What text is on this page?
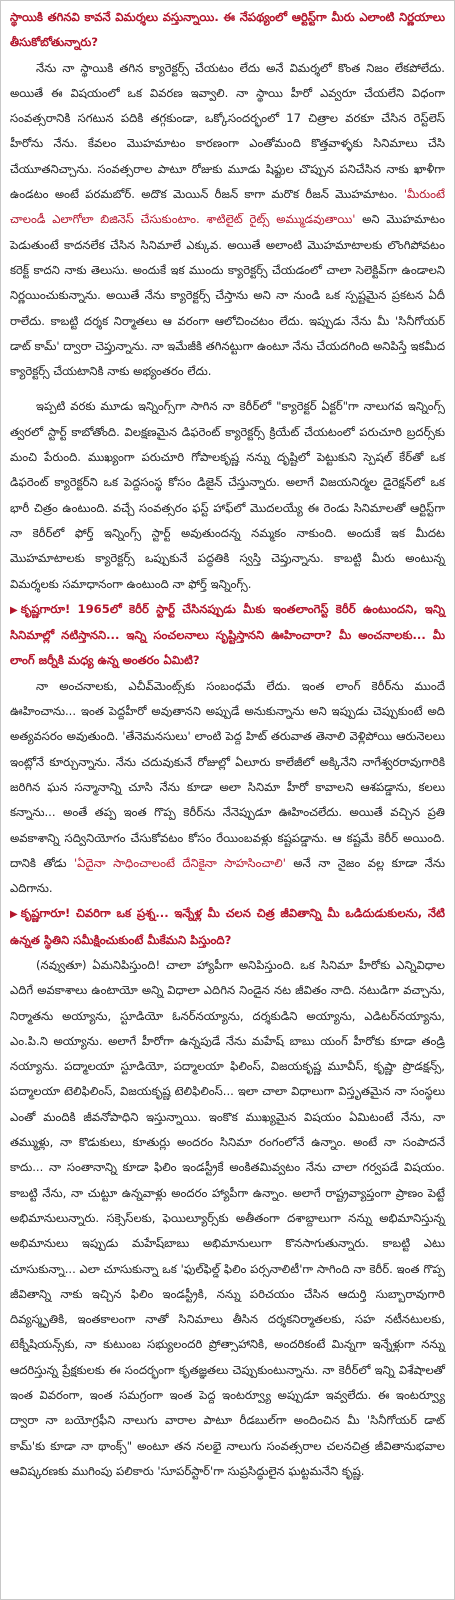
స్థాయికి తగినవి కావనే విమర్శలు వస్తున్నాయి. ఈ నేపథ్యంలో ఆర్టిస్ట్‌గా మీరు ఎలాంటి నిర్ణయాలు తీసుకోబోతున్నారు?

నేను నా స్థాయికి తగిన క్యారెక్టర్స్ చేయటం లేదు అనే విమర్శలో కొంత నిజం లేకపోలేదు. అయితే ఈ విషయంలో ఒక వివరణ ఇవ్వాలి. నా స్థాయి హీరో ఎవ్వరూ చేయలేని విధంగా సంవత్సరానికి సగటున పదికి తగ్గకుండా, ఒక్కోసందర్భంలో 17 చిత్రాల వరకూ చేసిన రెస్ట్‌లెస్ హీరోను నేను. కేవలం మొహమాటం కారణంగా ఎంతోమంది కొత్తవాళ్ళకు సినిమాలు చేసి చేయూతనిచ్చాను. సంవత్సరాల పాటూ రోజుకు మూడు షిఫ్టుల చొప్పున పనిచేసిన నాకు ఖాళీగా ఉండటం అంటే పరమబోర్. అదొక మెయిన్ రీజన్ కాగా మరొక రీజన్ మొహమాటం. 'మీరుంటే చాలండీ ఎలాగోలా బిజినెస్ చేసుకుంటాం. శాటిలైట్ రైట్స్ అమ్ముడవుతాయి' అని మొహమాటం పెడుతుంటే కాదనలేక చేసిన సినిమాలే ఎక్కువ. అయితే అలాంటి మొహమాటాలకు లొంగిపోవటం కరెక్ట్ కాదని నాకు తెలుసు. అందుకే ఇక ముందు క్యారెక్టర్స్ చేయడంలో చాలా సెలెక్టివ్‌గా ఉండాలని నిర్ణయించుకున్నాను. అయితే నేను క్యారెక్టర్స్ చేస్తాను అని నా నుండి ఒక స్పష్టమైన ప్రకటన ఏదీ రాలేదు. కాబట్టి దర్శక నిర్మాతలు ఆ వరంగా ఆలోచించటం లేదు. ఇప్పుడు నేను మీ 'సినీగోయర్ డాట్ కామ్' ద్వారా చెప్తున్నాను. నా ఇమేజీకి తగినట్టుగా ఉంటూ నేను చేయదగింది అనిపిస్తే ఇకమీద క్యారెక్టర్స్ చేయటానికి నాకు అభ్యంతరం లేదు.

ఇప్పటి వరకు మూడు ఇన్నింగ్స్‌గా సాగిన నా కెరీర్‌లో "క్యారెక్టర్ ఏక్టర్"గా నాలుగవ ఇన్నింగ్స్ త్వరలో స్టార్ట్ కాబోతోంది. విలక్షణమైన డిఫరెంట్ క్యారెక్టర్స్ క్రియేట్ చేయటంలో పరుచూరి బ్రదర్స్‌కు మంచి పేరుంది. ముఖ్యంగా పరుచూరి గోపాలకృష్ణ నన్ను దృష్టిలో పెట్టుకుని స్పెషల్ కేర్‌తో ఒక డిఫరెంట్ క్యారెక్టర్‌ని ఒక పెద్దసంస్థ కోసం డిజైన్ చేస్తున్నారు. అలాగే విజయనిర్మల డైరెక్షన్‌లో ఒక భారీ చిత్రం ఉంటుంది. వచ్చే సంవత్సరం ఫస్ట్ హాఫ్‌లో మొదలయ్యే ఈ రెండు సినిమాలతో ఆర్టిస్ట్‌గా నా కెరీర్‌లో ఫోర్త్ ఇన్నింగ్స్ స్టార్ట్ అవుతుందన్న నమ్మకం నాకుంది. అందుకే ఇక మీదట మొహమాటాలకు క్యారెక్టర్స్ ఒప్పుకునే పద్ధతికి స్వస్తి చెప్తున్నాను. కాబట్టి మీరు అంటున్న విమర్శలకు సమాధానంగా ఉంటుంది నా ఫోర్త్ ఇన్నింగ్స్.

▶ కృష్ణగారూ! 1965లో కెరీర్ స్టార్ట్ చేసినప్పుడు మీకు ఇంతలాంగెస్ట్ కెరీర్ ఉంటుందని, ఇన్ని సినిమాల్లో నటిస్తానని... ఇన్ని సంచలనాలు సృష్టిస్తానని ఊహించారా? మీ అంచనాలకు... మీ లాంగ్ జర్నీకి మధ్య ఉన్న అంతరం ఏమిటి?

నా అంచనాలకు, ఎచీవ్‌మెంట్స్‌కు సంబంధమే లేదు. ఇంత లాంగ్ కెరీర్‌ను ముందే ఊహించాను... ఇంత పెద్దహీరో అవుతానని అప్పుడే అనుకున్నాను అని ఇప్పుడు చెప్పుకుంటే అది అత్యవసరం అవుతుంది. 'తేనెమనసులు' లాంటి పెద్ద హిట్ తరువాత తెనాలి వెళ్లిపోయి ఆరునెలలు ఇంట్లోనే కూర్చున్నాను. నేను చదువుకునే రోజుల్లో ఏలూరు కాలేజీలో అక్కినేని నాగేశ్వరరావుగారికి జరిగిన ఘన సన్మానాన్ని చూసి నేను కూడా అలా సినిమా హీరో కావాలని ఆశపడ్డాను, కలలు కన్నాను... అంతే తప్ప ఇంత గొప్ప కెరీర్‌ను నేనెప్పుడూ ఊహించలేదు. అయితే వచ్చిన ప్రతి అవకాశాన్ని సద్వినియోగం చేసుకోవటం కోసం రేయింబవళ్లు కష్టపడ్డాను. ఆ కష్టమే కెరీర్ అయింది. దానికి తోడు 'ఏదైనా సాధించాలంటే దేనికైనా సాహసించాలి' అనే నా నైజం వల్ల కూడా నేను ఎదిగాను.

▶ కృష్ణగారూ! చివరిగా ఒక ప్రశ్న... ఇన్నేళ్ల మీ చలన చిత్ర జీవితాన్ని మీ ఒడిదుడుకులను, నేటి ఉన్నత స్థితిని సమీక్షించుకుంటే మీకేమని పిస్తుంది?

(నవ్వుతూ) ఏమనిపిస్తుంది! చాలా హ్యాపీగా అనిపిస్తుంది. ఒక సినిమా హీరోకు ఎన్నివిధాల ఎదిగే అవకాశాలు ఉంటాయో అన్ని విధాలా ఎదిగిన నిండైన నట జీవితం నాది. నటుడిగా వచ్చాను, నిర్మాతను అయ్యాను, స్టూడియో ఓనర్‌నయ్యాను, దర్శకుడిని అయ్యాను, ఎడిటర్‌నయ్యాను, ఎం.పి.ని అయ్యాను. అలాగే హీరోగా ఉన్నపుడే నేను మహేష్ బాబు యంగ్ హీరోకు కూడా తండ్రి నయ్యాను. పద్మాలయా స్టూడియో, పద్మాలయా ఫిలింస్, విజయకృష్ణ మూవీస్, కృష్ణా ప్రొడక్షన్స్, పద్మాలయా టెలిఫిలింస్, విజయకృష్ణ టెలిఫిలింస్... ఇలా చాలా విధాలుగా విస్తృతమైన నా సంస్థలు ఎంతో మందికి జీవనోపాధిని ఇస్తున్నాయి. ఇంకొక ముఖ్యమైన విషయం ఏమిటంటే నేను, నా తమ్ముళ్లు, నా కొడుకులు, కూతుర్లు అందరం సినిమా రంగంలోనే ఉన్నాం. అంటే నా సంపాదనే కాదు... నా సంతానాన్ని కూడా ఫిలిం ఇండస్ట్రీకే అంకితమివ్వటం నేను చాలా గర్వపడే విషయం. కాబట్టి నేను, నా చుట్టూ ఉన్నవాళ్లు అందరం హ్యాపీగా ఉన్నాం. అలాగే రాష్ట్రవ్యాప్తంగా ప్రాణం పెట్టే అభిమానులున్నారు. సక్సెస్‌లకు, ఫెయిల్యూర్స్‌కు అతీతంగా దశాబ్దాలుగా నన్ను అభిమానిస్తున్న అభిమానులు ఇప్పుడు మహేష్‌బాబు అభిమానులుగా కొనసాగుతున్నారు. కాబట్టి ఎటు చూసుకున్నా... ఎలా చూసుకున్నా ఒక 'ఫుల్‌ఫిల్డ్ ఫిలిం పర్సనాలిటీ'గా సాగింది నా కెరీర్. ఇంత గొప్ప జీవితాన్ని నాకు ఇచ్చిన ఫిలిం ఇండస్ట్రీకి, నన్ను పరిచయం చేసిన ఆదుర్తి సుబ్బారావుగారి దివ్యస్మృతికి, ఇంతకాలంగా నాతో సినిమాలు తీసిన దర్శకనిర్మాతలకు, సహ నటీనటులకు, టెక్నీషియన్స్‌కు, నా కుటుంబ సభ్యులందరి ప్రోత్సాహానికి, అందరికంటే మిన్నగా ఇన్నేళ్లుగా నన్ను ఆదరిస్తున్న ప్రేక్షకులకు ఈ సందర్భంగా కృతజ్ఞతలు చెప్పుకుంటున్నాను. నా కెరీర్‌లో ఇన్ని విశేషాలతో ఇంత వివరంగా, ఇంత సమగ్రంగా ఇంత పెద్ద ఇంటర్వ్యూ అప్పుడూ ఇవ్వలేదు. ఈ ఇంటర్వ్యూ ద్వారా నా బయోగ్రఫీని నాలుగు వారాల పాటూ రీడబుల్‌గా అందించిన మీ 'సినీగోయర్ డాట్ కామ్'కు కూడా నా థాంక్స్" అంటూ తన నలభై నాలుగు సంవత్సరాల చలనచిత్ర జీవితానుభవాల ఆవిష్కరణకు ముగింపు పలికారు 'సూపర్‌స్టార్'గా సుప్రసిద్ధులైన ఘట్టమనేని కృష్ణ.
